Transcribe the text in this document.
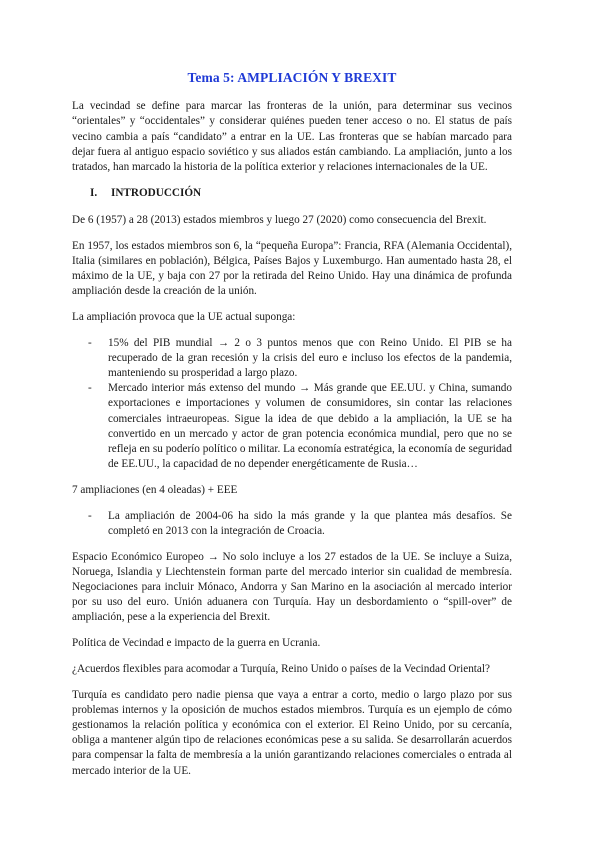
Tema 5: AMPLIACIÓN Y BREXIT

La vecindad se define para marcar las fronteras de la unión, para determinar sus vecinos “orientales” y “occidentales” y considerar quiénes pueden tener acceso o no. El status de país vecino cambia a país “candidato” a entrar en la UE. Las fronteras que se habían marcado para dejar fuera al antiguo espacio soviético y sus aliados están cambiando. La ampliación, junto a los tratados, han marcado la historia de la política exterior y relaciones internacionales de la UE.

I.	INTRODUCCIÓN

De 6 (1957) a 28 (2013) estados miembros y luego 27 (2020) como consecuencia del Brexit.

En 1957, los estados miembros son 6, la “pequeña Europa”: Francia, RFA (Alemania Occidental), Italia (similares en población), Bélgica, Países Bajos y Luxemburgo. Han aumentado hasta 28, el máximo de la UE, y baja con 27 por la retirada del Reino Unido. Hay una dinámica de profunda ampliación desde la creación de la unión.

La ampliación provoca que la UE actual suponga:

- 15% del PIB mundial → 2 o 3 puntos menos que con Reino Unido. El PIB se ha recuperado de la gran recesión y la crisis del euro e incluso los efectos de la pandemia, manteniendo su prosperidad a largo plazo.
- Mercado interior más extenso del mundo → Más grande que EE.UU. y China, sumando exportaciones e importaciones y volumen de consumidores, sin contar las relaciones comerciales intraeuropeas. Sigue la idea de que debido a la ampliación, la UE se ha convertido en un mercado y actor de gran potencia económica mundial, pero que no se refleja en su poderío político o militar. La economía estratégica, la economía de seguridad de EE.UU., la capacidad de no depender energéticamente de Rusia…

7 ampliaciones (en 4 oleadas) + EEE

- La ampliación de 2004-06 ha sido la más grande y la que plantea más desafíos. Se completó en 2013 con la integración de Croacia.

Espacio Económico Europeo → No solo incluye a los 27 estados de la UE. Se incluye a Suiza, Noruega, Islandia y Liechtenstein forman parte del mercado interior sin cualidad de membresía. Negociaciones para incluir Mónaco, Andorra y San Marino en la asociación al mercado interior por su uso del euro. Unión aduanera con Turquía. Hay un desbordamiento o “spill-over” de ampliación, pese a la experiencia del Brexit.

Política de Vecindad e impacto de la guerra en Ucrania.

¿Acuerdos flexibles para acomodar a Turquía, Reino Unido o países de la Vecindad Oriental?

Turquía es candidato pero nadie piensa que vaya a entrar a corto, medio o largo plazo por sus problemas internos y la oposición de muchos estados miembros. Turquía es un ejemplo de cómo gestionamos la relación política y económica con el exterior. El Reino Unido, por su cercanía, obliga a mantener algún tipo de relaciones económicas pese a su salida. Se desarrollarán acuerdos para compensar la falta de membresía a la unión garantizando relaciones comerciales o entrada al mercado interior de la UE.
